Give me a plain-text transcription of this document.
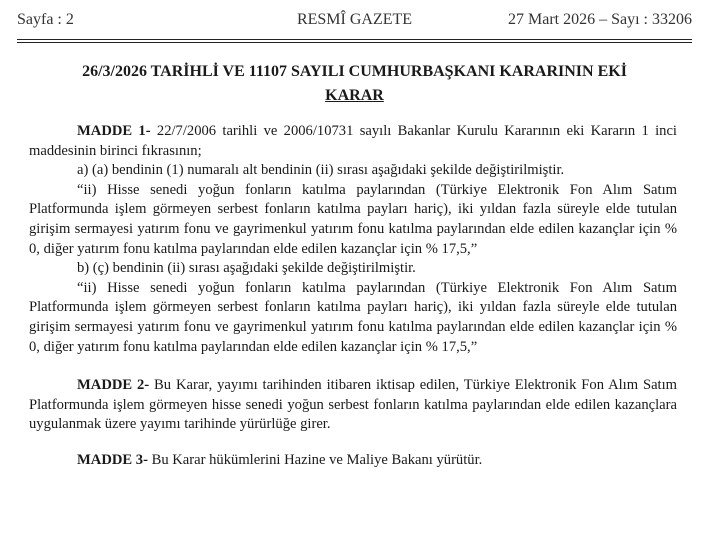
Sayfa : 2	RESMÎ GAZETE	27 Mart 2026 – Sayı : 33206
26/3/2026 TARİHLİ VE 11107 SAYILI CUMHURBAŞKANI KARARININ EKİ
KARAR

MADDE 1- 22/7/2006 tarihli ve 2006/10731 sayılı Bakanlar Kurulu Kararının eki Kararın 1 inci maddesinin birinci fıkrasının;

a) (a) bendinin (1) numaralı alt bendinin (ii) sırası aşağıdaki şekilde değiştirilmiştir.

“ii) Hisse senedi yoğun fonların katılma paylarından (Türkiye Elektronik Fon Alım Satım Platformunda işlem görmeyen serbest fonların katılma payları hariç), iki yıldan fazla süreyle elde tutulan girişim sermayesi yatırım fonu ve gayrimenkul yatırım fonu katılma paylarından elde edilen kazançlar için % 0, diğer yatırım fonu katılma paylarından elde edilen kazançlar için % 17,5,”

b) (ç) bendinin (ii) sırası aşağıdaki şekilde değiştirilmiştir.

“ii) Hisse senedi yoğun fonların katılma paylarından (Türkiye Elektronik Fon Alım Satım Platformunda işlem görmeyen serbest fonların katılma payları hariç), iki yıldan fazla süreyle elde tutulan girişim sermayesi yatırım fonu ve gayrimenkul yatırım fonu katılma paylarından elde edilen kazançlar için % 0, diğer yatırım fonu katılma paylarından elde edilen kazançlar için % 17,5,”

MADDE 2- Bu Karar, yayımı tarihinden itibaren iktisap edilen, Türkiye Elektronik Fon Alım Satım Platformunda işlem görmeyen hisse senedi yoğun serbest fonların katılma paylarından elde edilen kazançlara uygulanmak üzere yayımı tarihinde yürürlüğe girer.

MADDE 3- Bu Karar hükümlerini Hazine ve Maliye Bakanı yürütür.
